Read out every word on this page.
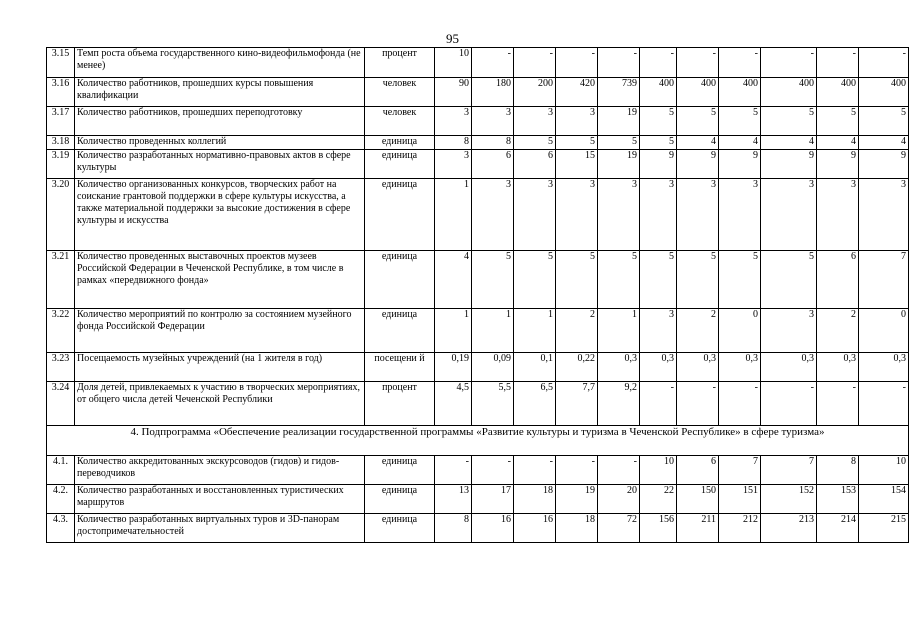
95
3.15	Темп роста объема государственного кино-видеофильмофонда (не менее)	процент	10	-	-	-	-	-	-	-	-	-	-
3.16	Количество работников, прошедших курсы повышения квалификации	человек	90	180	200	420	739	400	400	400	400	400	400
3.17	Количество работников, прошедших переподготовку	человек	3	3	3	3	19	5	5	5	5	5	5
3.18	Количество проведенных коллегий	единица	8	8	5	5	5	5	4	4	4	4	4
3.19	Количество разработанных нормативно-правовых актов в сфере культуры	единица	3	6	6	15	19	9	9	9	9	9	9
3.20	Количество организованных конкурсов, творческих работ на соискание грантовой поддержки в сфере культуры искусства, а также материальной поддержки за высокие достижения в сфере культуры и искусства	единица	1	3	3	3	3	3	3	3	3	3	3
3.21	Количество проведенных выставочных проектов музеев Российской Федерации в Чеченской Республике, в том числе в рамках «передвижного фонда»	единица	4	5	5	5	5	5	5	5	5	6	7
3.22	Количество мероприятий по контролю за состоянием музейного фонда Российской Федерации	единица	1	1	1	2	1	3	2	0	3	2	0
3.23	Посещаемость музейных учреждений (на 1 жителя в год)	посещени й	0,19	0,09	0,1	0,22	0,3	0,3	0,3	0,3	0,3	0,3	0,3
3.24	Доля детей, привлекаемых к участию в творческих мероприятиях, от общего числа детей Чеченской Республики	процент	4,5	5,5	6,5	7,7	9,2	-	-	-	-	-	-
4. Подпрограмма «Обеспечение реализации государственной программы «Развитие культуры и туризма в Чеченской Республике» в сфере туризма»													
4.1.	Количество аккредитованных экскурсоводов (гидов) и гидов-переводчиков	единица	-	-	-	-	-	10	6	7	7	8	10
4.2.	Количество разработанных и восстановленных туристических маршрутов	единица	13	17	18	19	20	22	150	151	152	153	154
4.3.	Количество разработанных виртуальных туров и 3D-панорам достопримечательностей	единица	8	16	16	18	72	156	211	212	213	214	215
